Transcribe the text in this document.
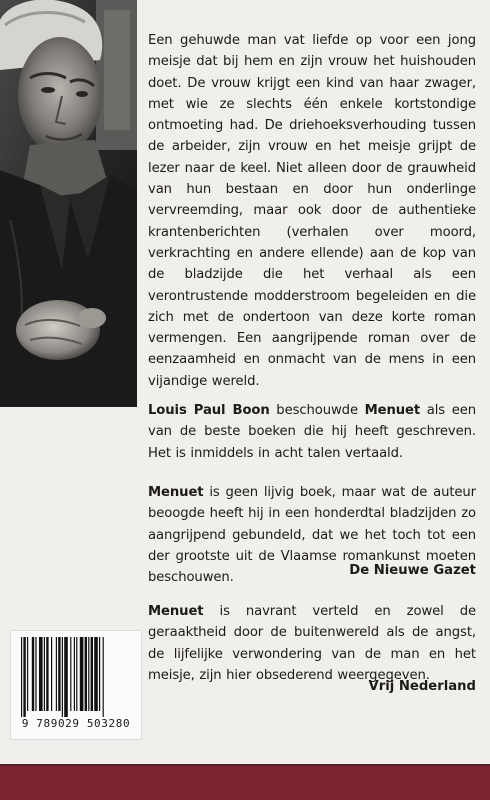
Een gehuwde man vat liefde op voor een jong meisje dat bij hem en zijn vrouw het huishouden doet. De vrouw krijgt een kind van haar zwager, met wie ze slechts één enkele kortstondige ontmoeting had. De driehoeksverhouding tussen de arbeider, zijn vrouw en het meisje grijpt de lezer naar de keel. Niet alleen door de grauwheid van hun bestaan en door hun onderlinge vervreemding, maar ook door de authentieke krantenberichten (verhalen over moord, verkrachting en andere ellende) aan de kop van de bladzijde die het verhaal als een verontrustende modderstroom begeleiden en die zich met de ondertoon van deze korte roman vermengen. Een aangrijpende roman over de eenzaamheid en onmacht van de mens in een vijandige wereld.

Louis Paul Boon beschouwde Menuet als een van de beste boeken die hij heeft geschreven. Het is inmiddels in acht talen vertaald.

Menuet is geen lijvig boek, maar wat de auteur beoogde heeft hij in een honderdtal bladzijden zo aangrijpend gebundeld, dat we het toch tot een der grootste uit de Vlaamse romankunst moeten beschouwen.	De Nieuwe Gazet

Menuet is navrant verteld en zowel de geraaktheid door de buitenwereld als de angst, de lijfelijke verwondering van de man en het meisje, zijn hier obsederend weergegeven.

Vrij Nederland

9 789029 503280
